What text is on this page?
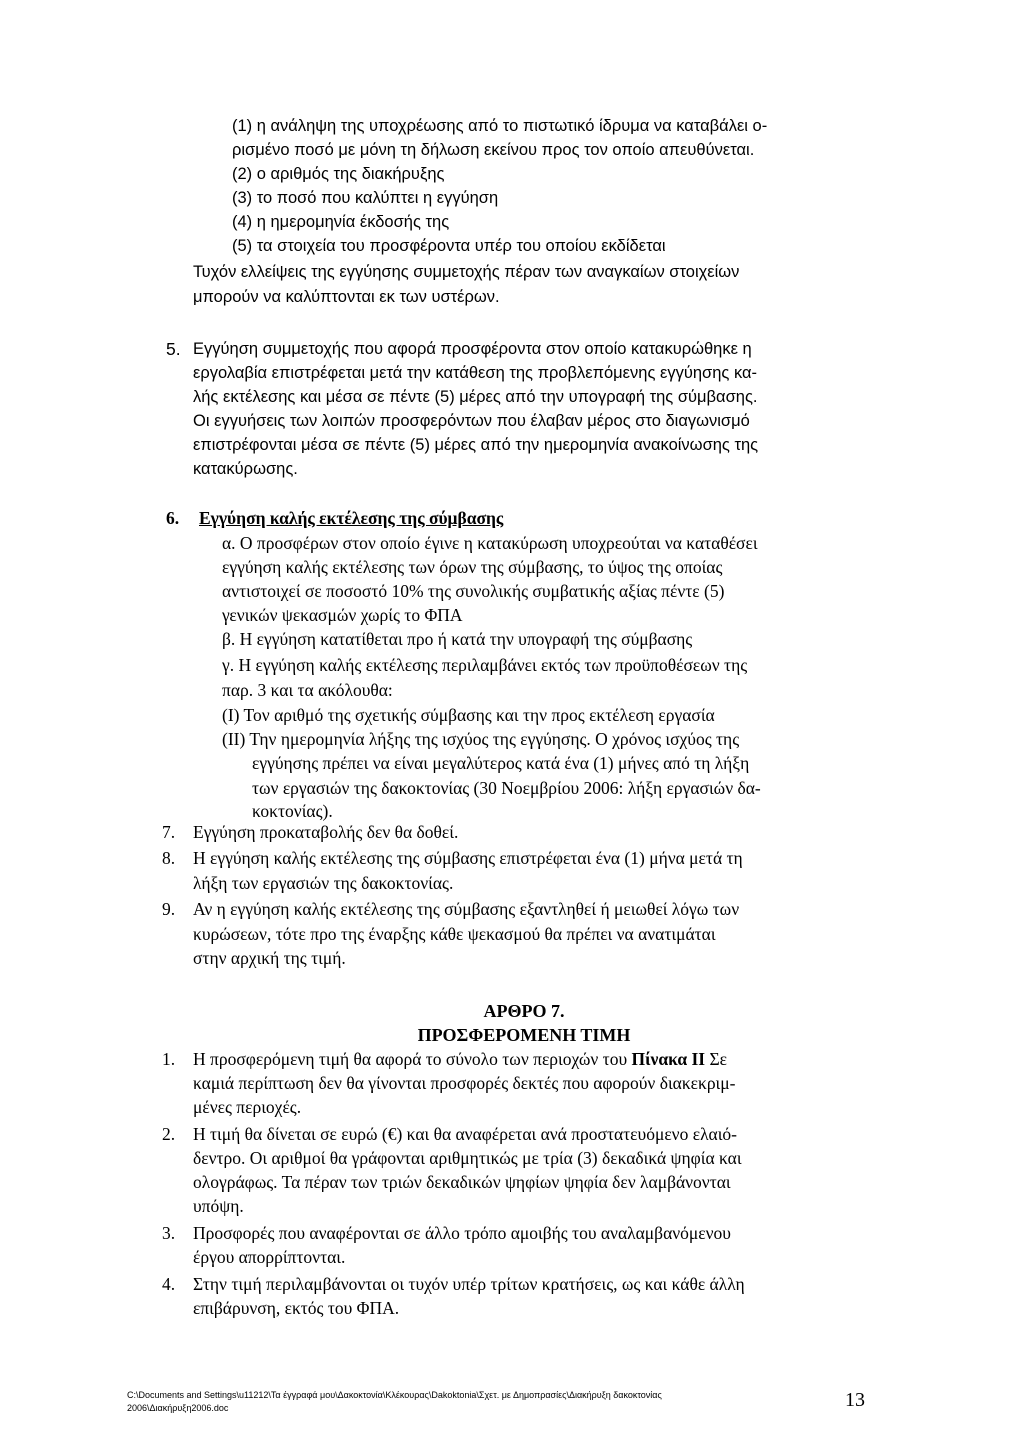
(1) η ανάληψη της υποχρέωσης από το πιστωτικό ίδρυμα να καταβάλει ο-
ρισμένο ποσό με μόνη τη δήλωση εκείνου προς τον οποίο απευθύνεται.
(2) ο αριθμός της διακήρυξης
(3) το ποσό που καλύπτει η εγγύηση
(4) η ημερομηνία έκδοσής της
(5) τα στοιχεία του προσφέροντα υπέρ του οποίου εκδίδεται
Τυχόν ελλείψεις της εγγύησης συμμετοχής πέραν των αναγκαίων στοιχείων
μπορούν να καλύπτονται εκ των υστέρων.
5. Εγγύηση συμμετοχής που αφορά προσφέροντα στον οποίο κατακυρώθηκε η
εργολαβία επιστρέφεται μετά την κατάθεση της προβλεπόμενης εγγύησης κα-
λής εκτέλεσης και μέσα σε πέντε (5) μέρες από την υπογραφή της σύμβασης.
Οι εγγυήσεις των λοιπών προσφερόντων που έλαβαν μέρος στο διαγωνισμό
επιστρέφονται μέσα σε πέντε (5) μέρες από την ημερομηνία ανακοίνωσης της
κατακύρωσης.
6. Εγγύηση καλής εκτέλεσης της σύμβασης
α. Ο προσφέρων στον οποίο έγινε η κατακύρωση υποχρεούται να καταθέσει
εγγύηση καλής εκτέλεσης των όρων της σύμβασης, το ύψος της οποίας
αντιστοιχεί σε ποσοστό 10% της συνολικής συμβατικής αξίας πέντε (5)
γενικών ψεκασμών χωρίς το ΦΠΑ
β. Η εγγύηση κατατίθεται προ ή κατά την υπογραφή της σύμβασης
γ. Η εγγύηση καλής εκτέλεσης περιλαμβάνει εκτός των προϋποθέσεων της
παρ. 3 και τα ακόλουθα:
(Ι) Τον αριθμό της σχετικής σύμβασης και την προς εκτέλεση εργασία
(ΙΙ) Την ημερομηνία λήξης της ισχύος της εγγύησης. Ο χρόνος ισχύος της
εγγύησης πρέπει να είναι μεγαλύτερος κατά ένα (1) μήνες από τη λήξη
των εργασιών της δακοκτονίας (30 Νοεμβρίου 2006: λήξη εργασιών δα-
κοκτονίας).
7. Εγγύηση προκαταβολής δεν θα δοθεί.
8. Η εγγύηση καλής εκτέλεσης της σύμβασης επιστρέφεται ένα (1) μήνα μετά τη
λήξη των εργασιών της δακοκτονίας.
9. Αν η εγγύηση καλής εκτέλεσης της σύμβασης εξαντληθεί ή μειωθεί λόγω των
κυρώσεων, τότε προ της έναρξης κάθε ψεκασμού θα πρέπει να ανατιμάται
στην αρχική της τιμή.
ΑΡΘΡΟ 7.
ΠΡΟΣΦΕΡΟΜΕΝΗ ΤΙΜΗ
1. Η προσφερόμενη τιμή θα αφορά το σύνολο των περιοχών του Πίνακα ΙΙ Σε
καμιά περίπτωση δεν θα γίνονται προσφορές δεκτές που αφορούν διακεκριμ-
μένες περιοχές.
2. Η τιμή θα δίνεται σε ευρώ (€) και θα αναφέρεται ανά προστατευόμενο ελαιό-
δεντρο. Οι αριθμοί θα γράφονται αριθμητικώς με τρία (3) δεκαδικά ψηφία και
ολογράφως. Τα πέραν των τριών δεκαδικών ψηφίων ψηφία δεν λαμβάνονται
υπόψη.
3. Προσφορές που αναφέρονται σε άλλο τρόπο αμοιβής του αναλαμβανόμενου
έργου απορρίπτονται.
4. Στην τιμή περιλαμβάνονται οι τυχόν υπέρ τρίτων κρατήσεις, ως και κάθε άλλη
επιβάρυνση, εκτός του ΦΠΑ.
C:\Documents and Settings\u11212\Τα έγγραφά μου\Δακοκτονία\Κλέκουρας\Dakoktonia\Σχετ. με Δημοπρασίες\Διακήρυξη δακοκτονίας
2006\Διακήρυξη2006.doc	13
